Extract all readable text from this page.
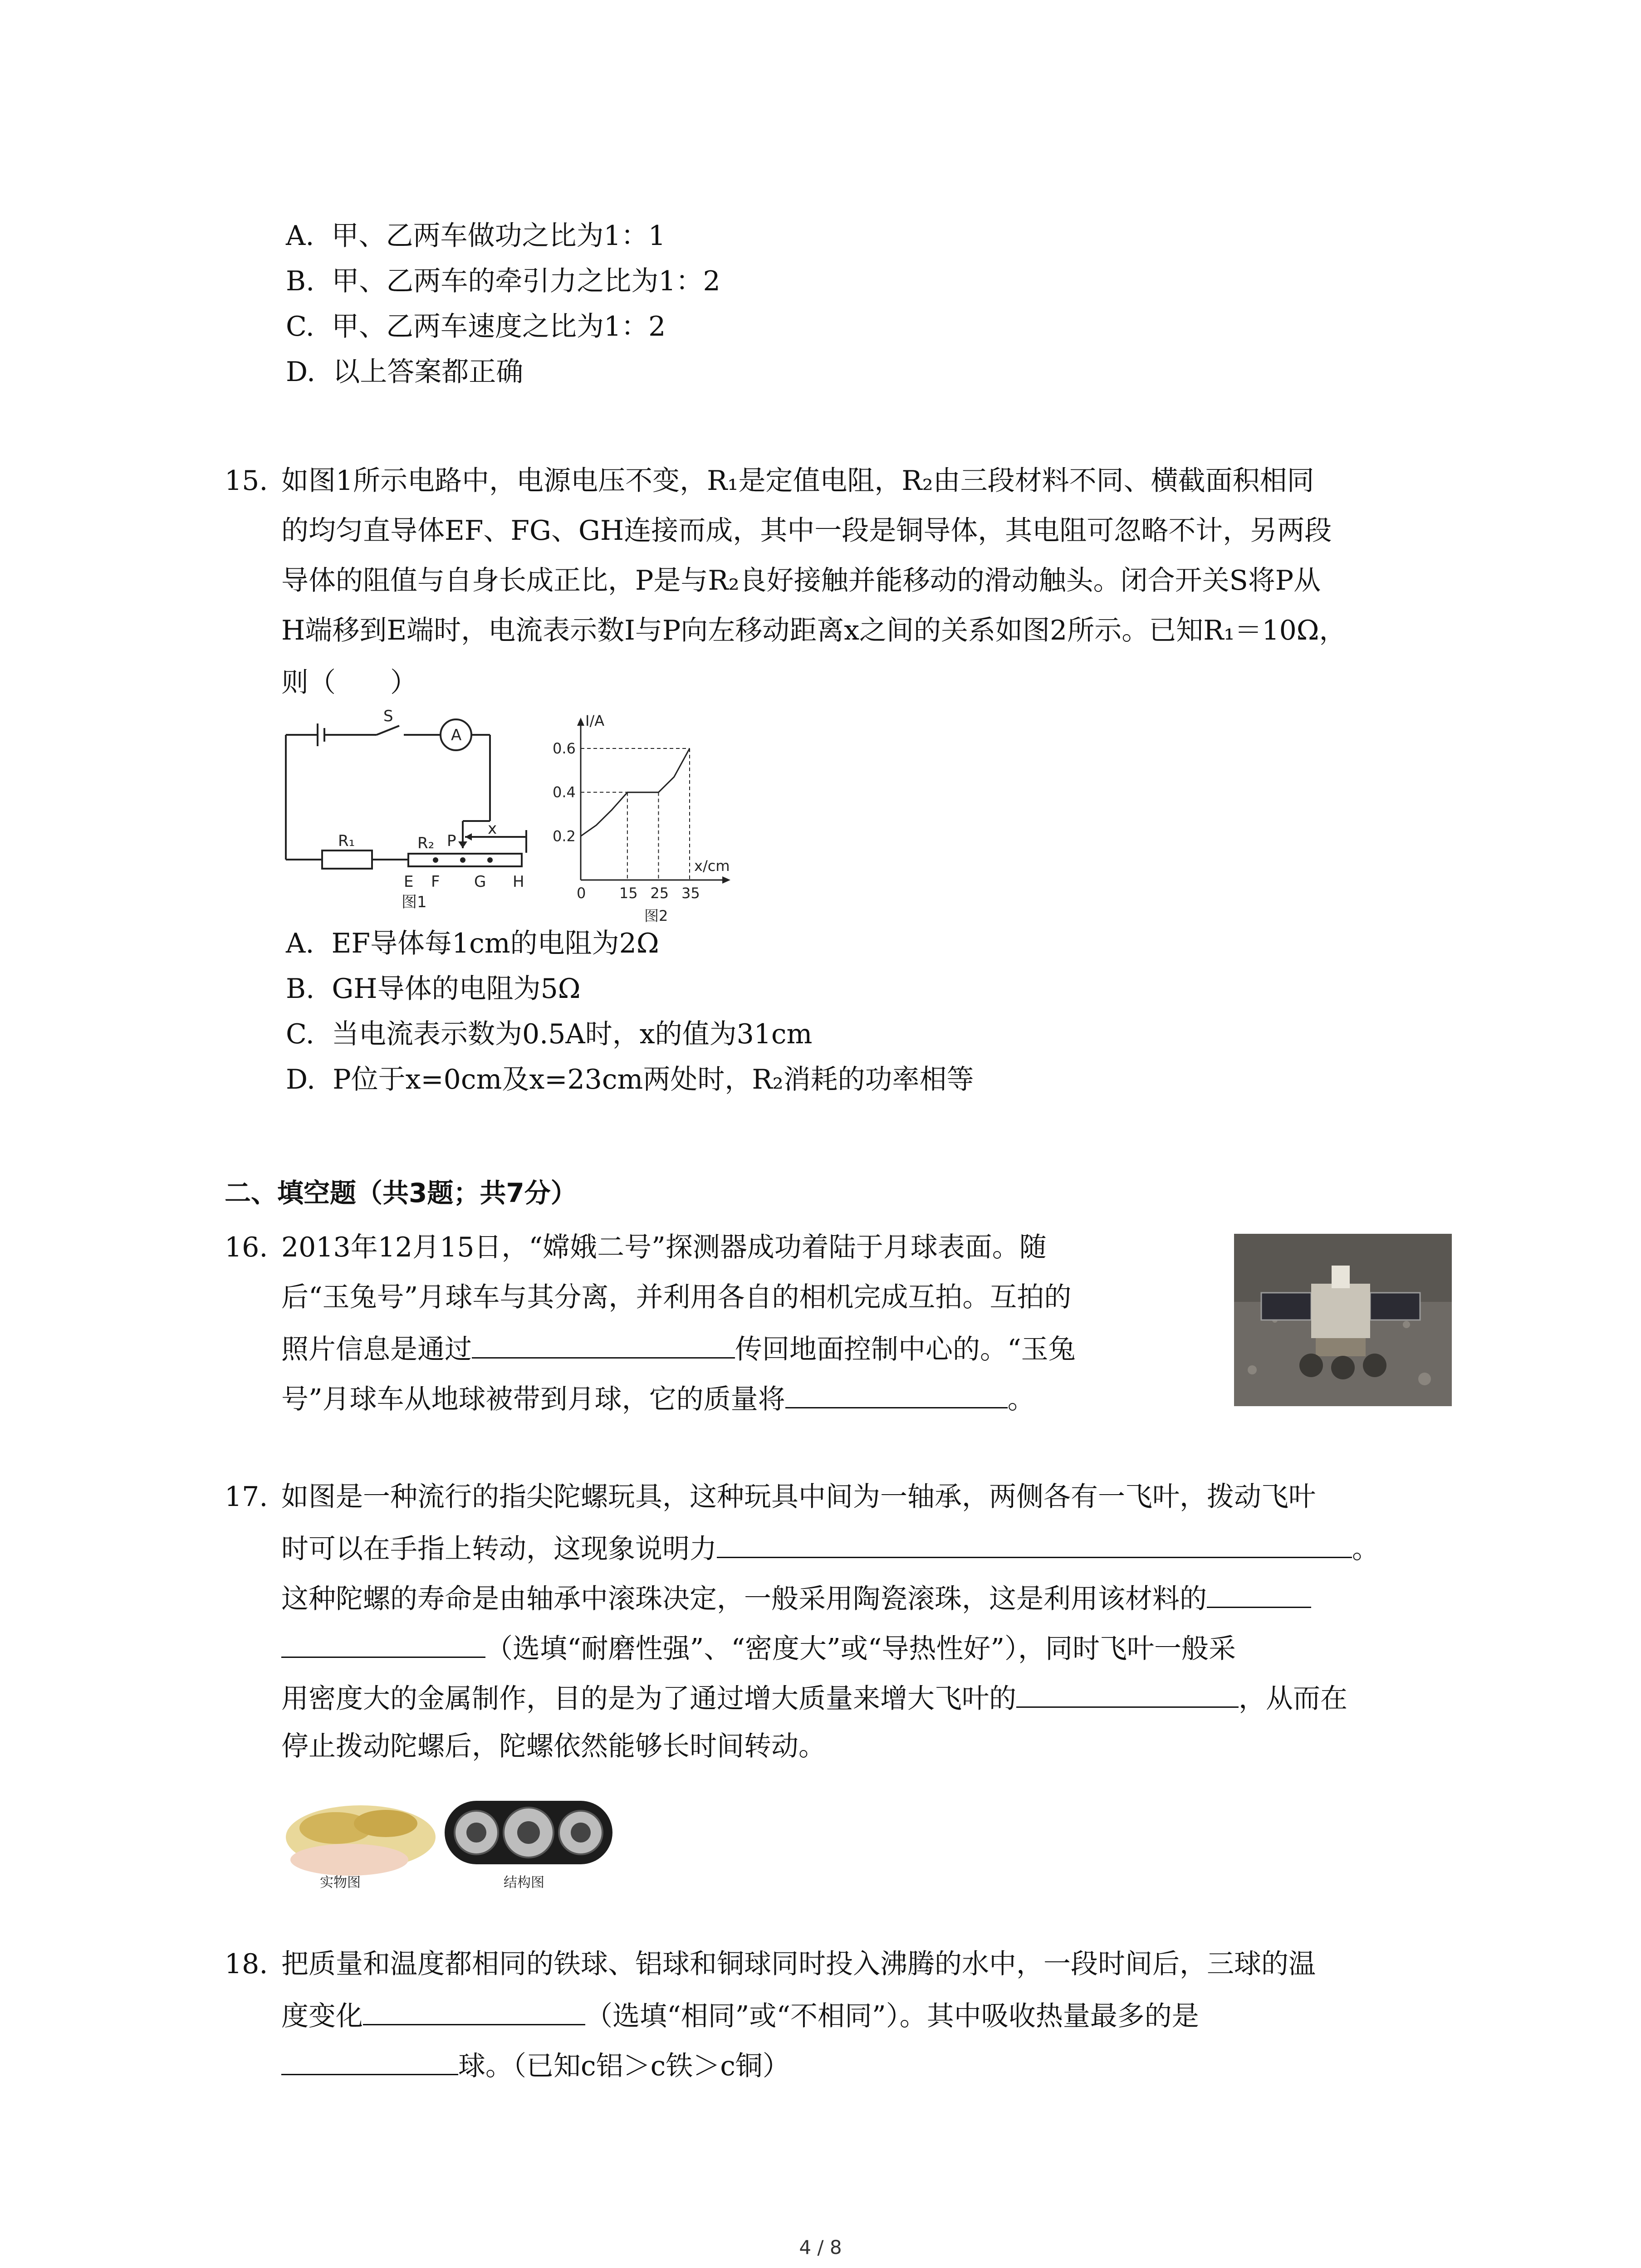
A. 甲、乙两车做功之比为1：1
B. 甲、乙两车的牵引力之比为1：2
C. 甲、乙两车速度之比为1：2
D. 以上答案都正确
15. 如图1所示电路中，电源电压不变，R₁是定值电阻，R₂由三段材料不同、横截面积相同
的均匀直导体EF、FG、GH连接而成，其中一段是铜导体，其电阻可忽略不计，另两段
导体的阻值与自身长成正比，P是与R₂良好接触并能移动的滑动触头。闭合开关S将P从
H端移到E端时，电流表示数I与P向左移动距离x之间的关系如图2所示。已知R₁＝10Ω，
则（　　）
S
A
R₁	R₂ P
x
E F G H
图1
0.6
0.4
0.2
0 15 25 35
I/A
x/cm
图2
A. EF导体每1cm的电阻为2Ω
B. GH导体的电阻为5Ω
C. 当电流表示数为0.5A时，x的值为31cm
D. P位于x=0cm及x=23cm两处时，R₂消耗的功率相等
二、填空题（共3题；共7分）
16. 2013年12月15日，“嫦娥二号”探测器成功着陆于月球表面。随
后“玉兔号”月球车与其分离，并利用各自的相机完成互拍。互拍的
照片信息是通过	传回地面控制中心的。“玉兔
号”月球车从地球被带到月球，它的质量将	。
17. 如图是一种流行的指尖陀螺玩具，这种玩具中间为一轴承，两侧各有一飞叶，拨动飞叶
时可以在手指上转动，这现象说明力	。
这种陀螺的寿命是由轴承中滚珠决定，一般采用陶瓷滚珠，这是利用该材料的
（选填“耐磨性强”、“密度大”或“导热性好”），同时飞叶一般采
用密度大的金属制作，目的是为了通过增大质量来增大飞叶的	，从而在
停止拨动陀螺后，陀螺依然能够长时间转动。
实物图	结构图
18. 把质量和温度都相同的铁球、铝球和铜球同时投入沸腾的水中，一段时间后，三球的温
度变化	（选填“相同”或“不相同”）。其中吸收热量最多的是
球。（已知c铝＞c铁＞c铜）
4 / 8
